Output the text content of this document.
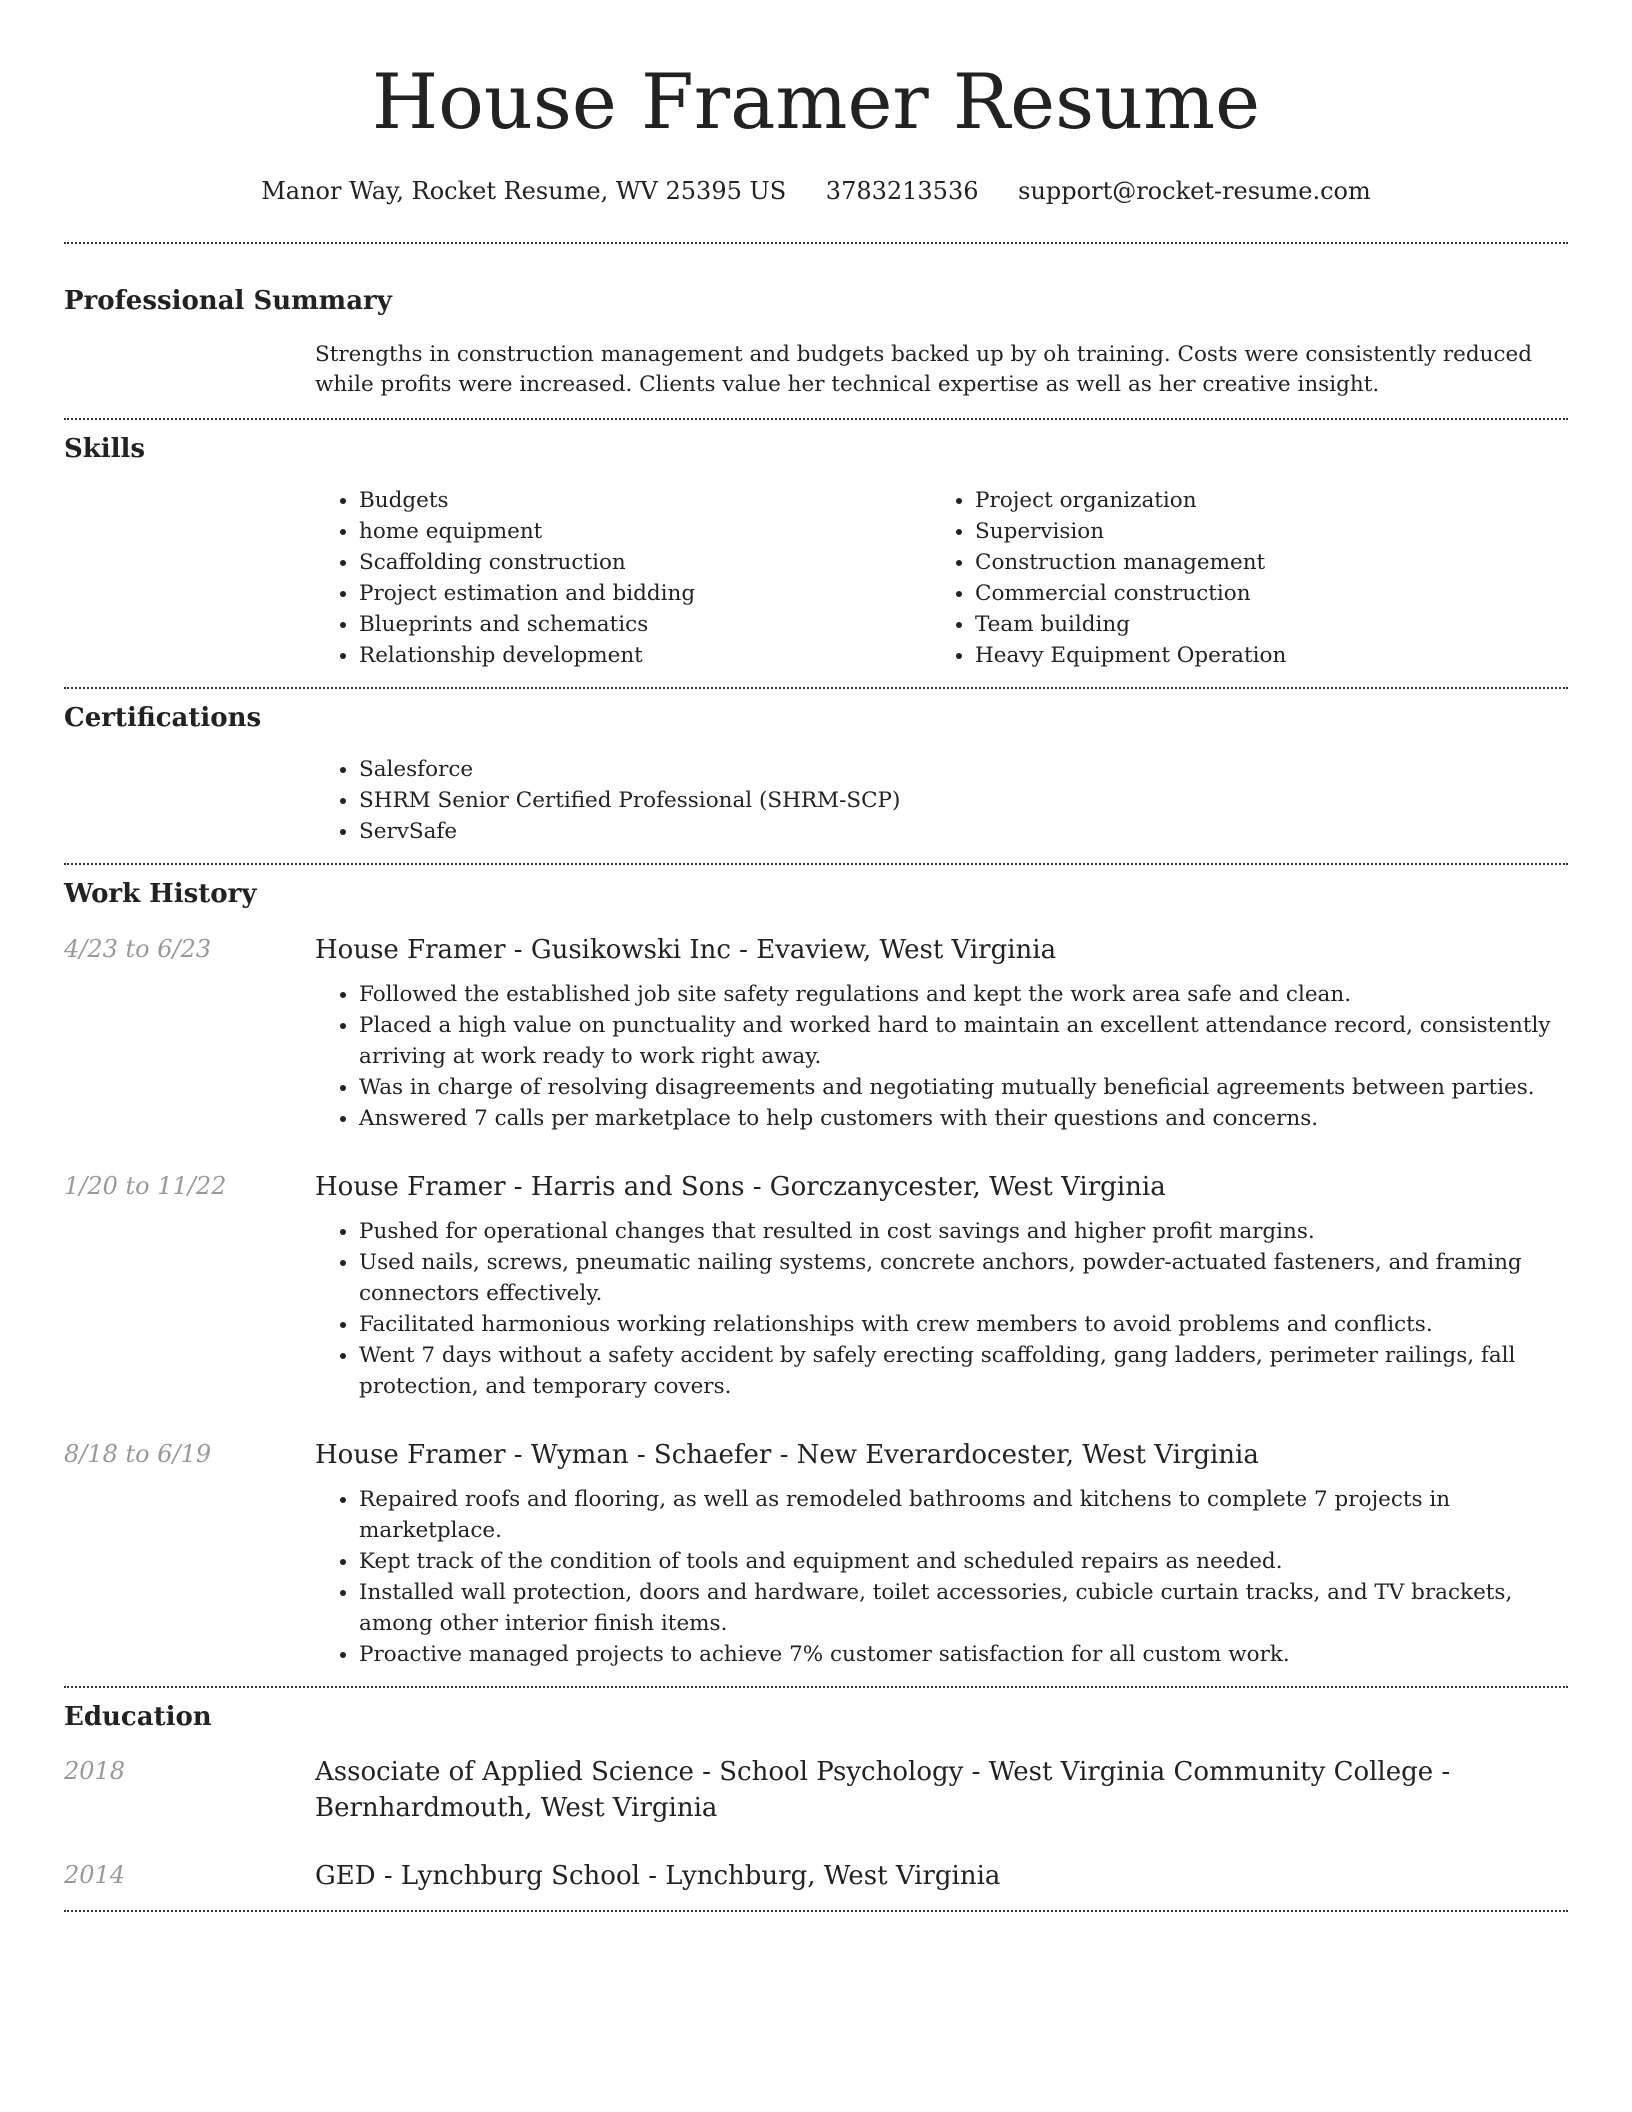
House Framer Resume
Manor Way, Rocket Resume, WV 25395 US 3783213536 support@rocket-resume.com
Professional Summary

Strengths in construction management and budgets backed up by oh training. Costs were consistently reduced while profits were increased. Clients value her technical expertise as well as her creative insight.

Skills
• Budgets
• home equipment
• Scaffolding construction
• Project estimation and bidding
• Blueprints and schematics
• Relationship development
• Project organization
• Supervision
• Construction management
• Commercial construction
• Team building
• Heavy Equipment Operation
Certifications
• Salesforce
• SHRM Senior Certified Professional (SHRM-SCP)
• ServSafe
Work History
4/23 to 6/23	House Framer - Gusikowski Inc - Evaview, West Virginia
• Followed the established job site safety regulations and kept the work area safe and clean.
• Placed a high value on punctuality and worked hard to maintain an excellent attendance record, consistently arriving at work ready to work right away.
• Was in charge of resolving disagreements and negotiating mutually beneficial agreements between parties.
• Answered 7 calls per marketplace to help customers with their questions and concerns.
1/20 to 11/22	House Framer - Harris and Sons - Gorczanycester, West Virginia
• Pushed for operational changes that resulted in cost savings and higher profit margins.
• Used nails, screws, pneumatic nailing systems, concrete anchors, powder-actuated fasteners, and framing connectors effectively.
• Facilitated harmonious working relationships with crew members to avoid problems and conflicts.
• Went 7 days without a safety accident by safely erecting scaffolding, gang ladders, perimeter railings, fall protection, and temporary covers.
8/18 to 6/19	House Framer - Wyman - Schaefer - New Everardocester, West Virginia
• Repaired roofs and flooring, as well as remodeled bathrooms and kitchens to complete 7 projects in marketplace.
• Kept track of the condition of tools and equipment and scheduled repairs as needed.
• Installed wall protection, doors and hardware, toilet accessories, cubicle curtain tracks, and TV brackets, among other interior finish items.
• Proactive managed projects to achieve 7% customer satisfaction for all custom work.
Education
2018	Associate of Applied Science - School Psychology - West Virginia Community College - Bernhardmouth, West Virginia
2014	GED - Lynchburg School - Lynchburg, West Virginia
